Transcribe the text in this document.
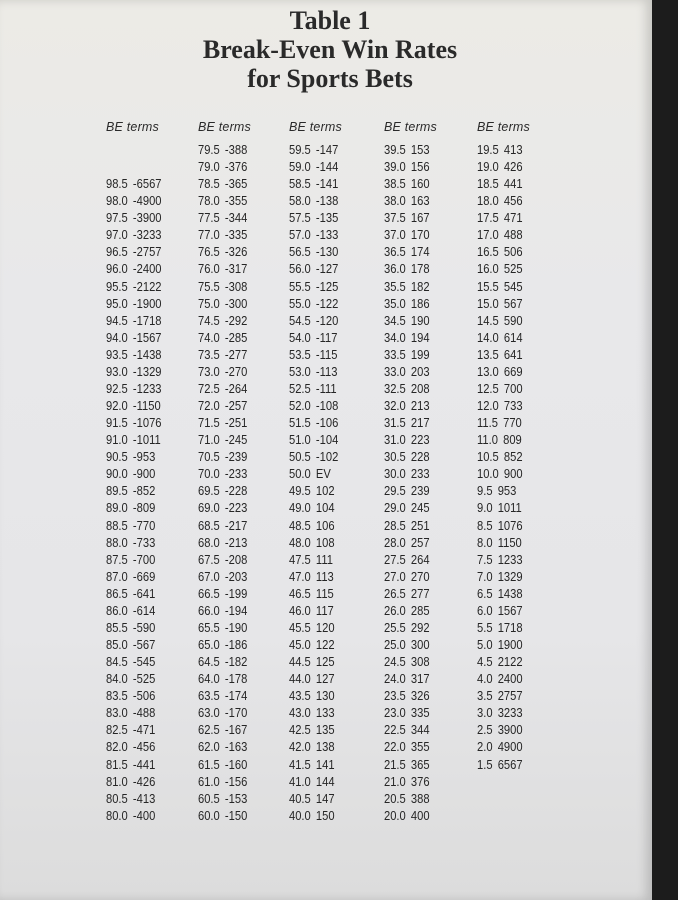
Table 1
Break-Even Win Rates
for Sports Bets
BE terms
98.5 -6567
98.0 -4900
97.5 -3900
97.0 -3233
96.5 -2757
96.0 -2400
95.5 -2122
95.0 -1900
94.5 -1718
94.0 -1567
93.5 -1438
93.0 -1329
92.5 -1233
92.0 -1150
91.5 -1076
91.0 -1011
90.5 -953
90.0 -900
89.5 -852
89.0 -809
88.5 -770
88.0 -733
87.5 -700
87.0 -669
86.5 -641
86.0 -614
85.5 -590
85.0 -567
84.5 -545
84.0 -525
83.5 -506
83.0 -488
82.5 -471
82.0 -456
81.5 -441
81.0 -426
80.5 -413
80.0 -400
BE terms
79.5 -388
79.0 -376
78.5 -365
78.0 -355
77.5 -344
77.0 -335
76.5 -326
76.0 -317
75.5 -308
75.0 -300
74.5 -292
74.0 -285
73.5 -277
73.0 -270
72.5 -264
72.0 -257
71.5 -251
71.0 -245
70.5 -239
70.0 -233
69.5 -228
69.0 -223
68.5 -217
68.0 -213
67.5 -208
67.0 -203
66.5 -199
66.0 -194
65.5 -190
65.0 -186
64.5 -182
64.0 -178
63.5 -174
63.0 -170
62.5 -167
62.0 -163
61.5 -160
61.0 -156
60.5 -153
60.0 -150
BE terms
59.5 -147
59.0 -144
58.5 -141
58.0 -138
57.5 -135
57.0 -133
56.5 -130
56.0 -127
55.5 -125
55.0 -122
54.5 -120
54.0 -117
53.5 -115
53.0 -113
52.5 -111
52.0 -108
51.5 -106
51.0 -104
50.5 -102
50.0 EV
49.5 102
49.0 104
48.5 106
48.0 108
47.5 111
47.0 113
46.5 115
46.0 117
45.5 120
45.0 122
44.5 125
44.0 127
43.5 130
43.0 133
42.5 135
42.0 138
41.5 141
41.0 144
40.5 147
40.0 150
BE terms
39.5 153
39.0 156
38.5 160
38.0 163
37.5 167
37.0 170
36.5 174
36.0 178
35.5 182
35.0 186
34.5 190
34.0 194
33.5 199
33.0 203
32.5 208
32.0 213
31.5 217
31.0 223
30.5 228
30.0 233
29.5 239
29.0 245
28.5 251
28.0 257
27.5 264
27.0 270
26.5 277
26.0 285
25.5 292
25.0 300
24.5 308
24.0 317
23.5 326
23.0 335
22.5 344
22.0 355
21.5 365
21.0 376
20.5 388
20.0 400
BE terms
19.5 413
19.0 426
18.5 441
18.0 456
17.5 471
17.0 488
16.5 506
16.0 525
15.5 545
15.0 567
14.5 590
14.0 614
13.5 641
13.0 669
12.5 700
12.0 733
11.5 770
11.0 809
10.5 852
10.0 900
9.5 953
9.0 1011
8.5 1076
8.0 1150
7.5 1233
7.0 1329
6.5 1438
6.0 1567
5.5 1718
5.0 1900
4.5 2122
4.0 2400
3.5 2757
3.0 3233
2.5 3900
2.0 4900
1.5 6567
